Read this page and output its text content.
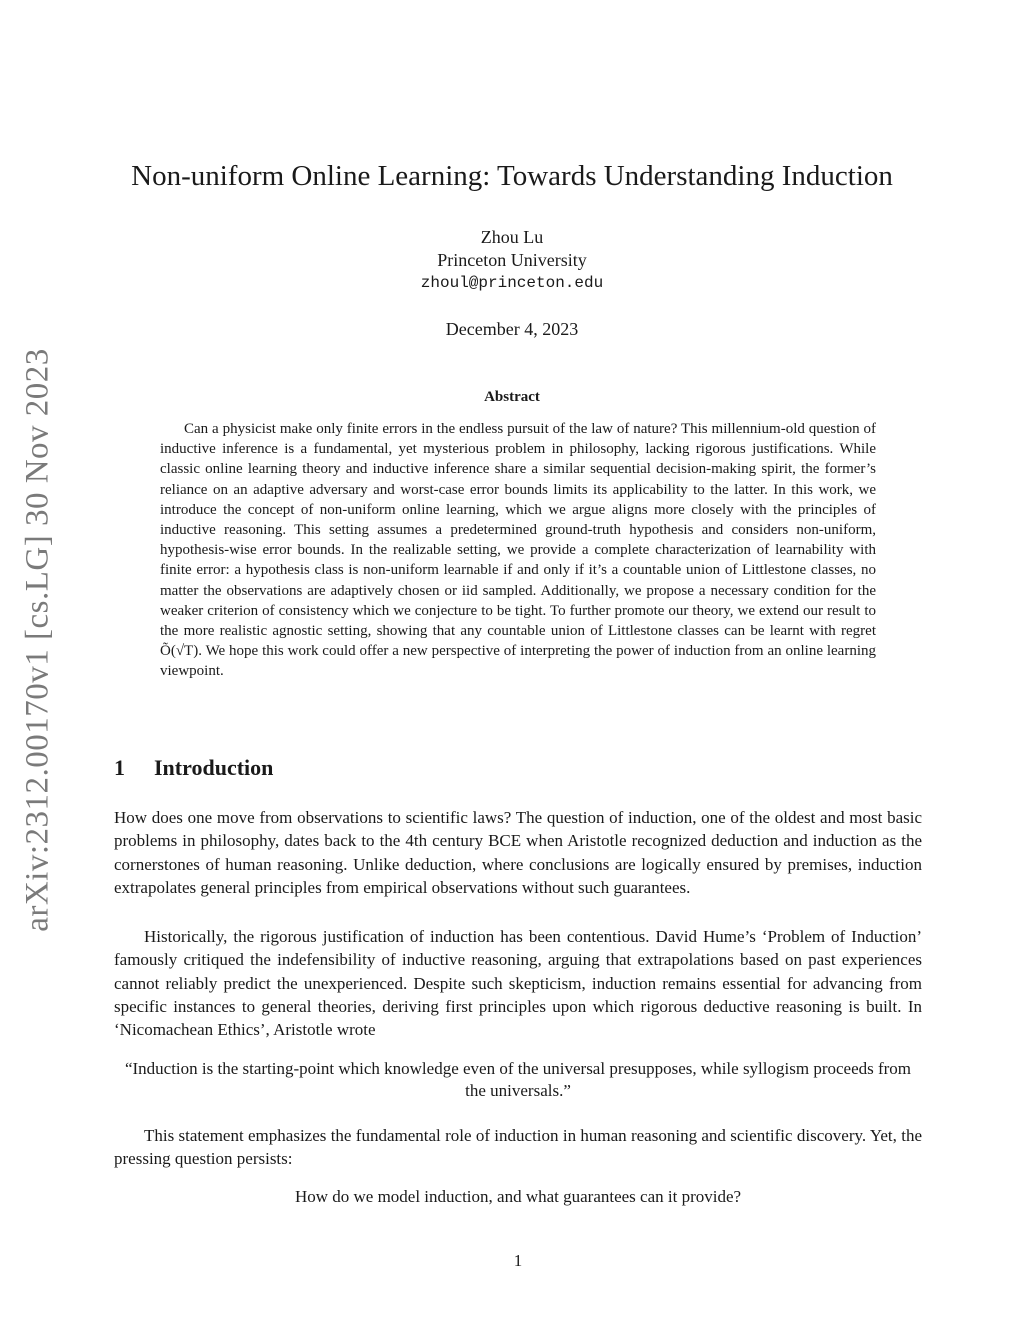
arXiv:2312.00170v1 [cs.LG] 30 Nov 2023
Non-uniform Online Learning: Towards Understanding Induction
Zhou Lu
Princeton University
zhoul@princeton.edu
December 4, 2023
Abstract

Can a physicist make only finite errors in the endless pursuit of the law of nature? This millennium-old question of inductive inference is a fundamental, yet mysterious problem in philosophy, lacking rigorous justifications. While classic online learning theory and inductive inference share a similar sequential decision-making spirit, the former’s reliance on an adaptive adversary and worst-case error bounds limits its applicability to the latter. In this work, we introduce the concept of non-uniform online learning, which we argue aligns more closely with the principles of inductive reasoning. This setting assumes a predetermined ground-truth hypothesis and considers non-uniform, hypothesis-wise error bounds. In the realizable setting, we provide a complete characterization of learnability with finite error: a hypothesis class is non-uniform learnable if and only if it’s a countable union of Littlestone classes, no matter the observations are adaptively chosen or iid sampled. Additionally, we propose a necessary condition for the weaker criterion of consistency which we conjecture to be tight. To further promote our theory, we extend our result to the more realistic agnostic setting, showing that any countable union of Littlestone classes can be learnt with regret Õ(√T). We hope this work could offer a new perspective of interpreting the power of induction from an online learning viewpoint.

1 Introduction

How does one move from observations to scientific laws? The question of induction, one of the oldest and most basic problems in philosophy, dates back to the 4th century BCE when Aristotle recognized deduction and induction as the cornerstones of human reasoning. Unlike deduction, where conclusions are logically ensured by premises, induction extrapolates general principles from empirical observations without such guarantees.

Historically, the rigorous justification of induction has been contentious. David Hume’s ‘Problem of Induction’ famously critiqued the indefensibility of inductive reasoning, arguing that extrapolations based on past experiences cannot reliably predict the unexperienced. Despite such skepticism, induction remains essential for advancing from specific instances to general theories, deriving first principles upon which rigorous deductive reasoning is built. In ‘Nicomachean Ethics’, Aristotle wrote

“Induction is the starting-point which knowledge even of the universal presupposes, while syllogism proceeds from the universals.”

This statement emphasizes the fundamental role of induction in human reasoning and scientific discovery. Yet, the pressing question persists:

How do we model induction, and what guarantees can it provide?

1
